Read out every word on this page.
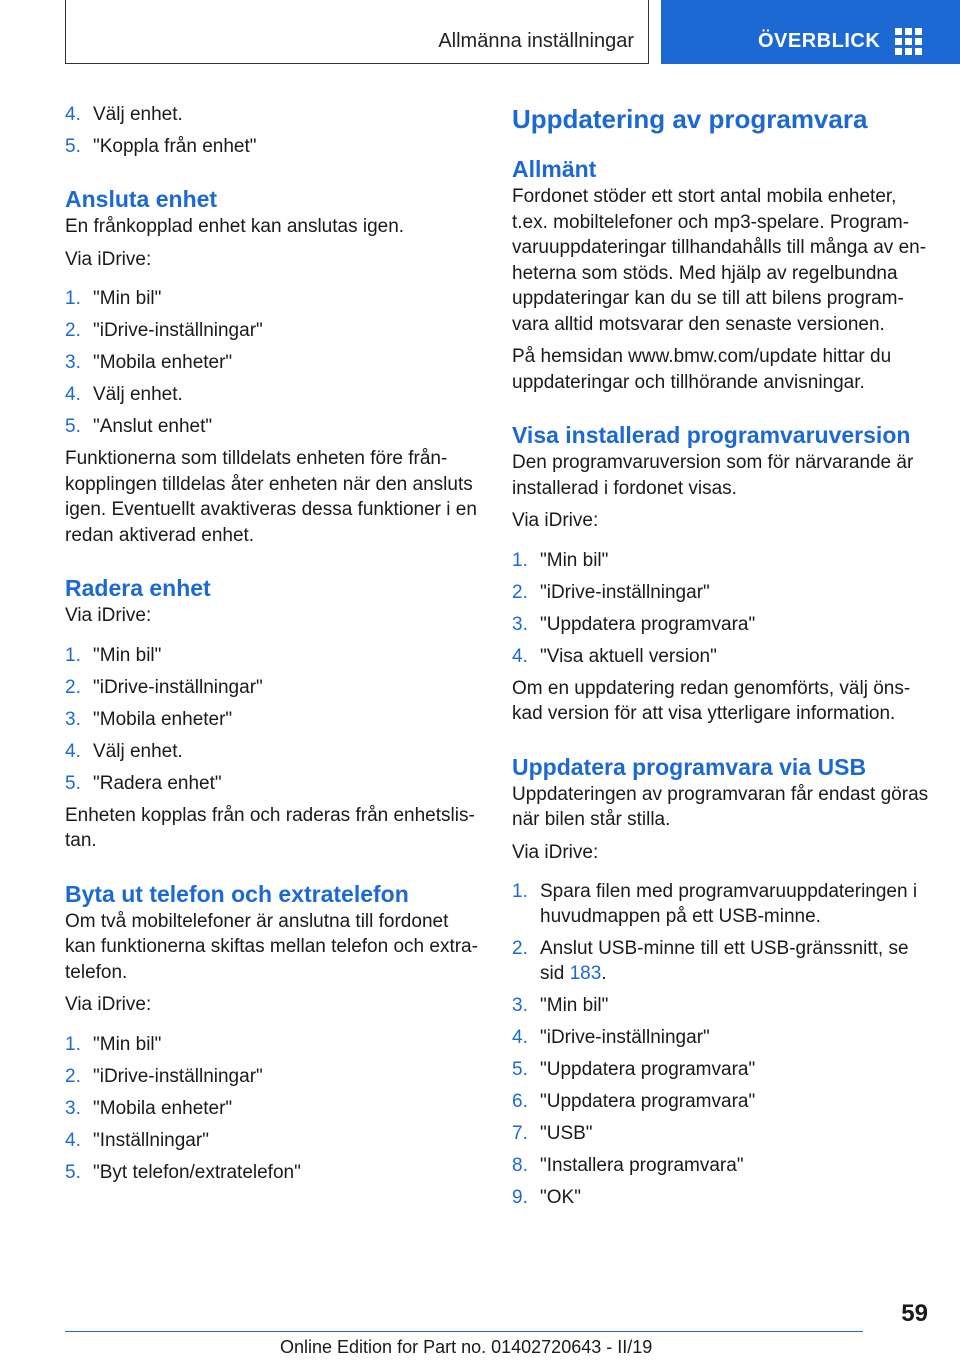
Allmänna inställningar	ÖVERBLICK
4. Välj enhet.
5. "Koppla från enhet"
Ansluta enhet

En frånkopplad enhet kan anslutas igen.

Via iDrive:

1. "Min bil"
2. "iDrive-inställningar"
3. "Mobila enheter"
4. Välj enhet.
5. "Anslut enhet"

Funktionerna som tilldelats enheten före frånkopplingen tilldelas åter enheten när den ansluts igen. Eventuellt avaktiveras dessa funktioner i en redan aktiverad enhet.

Radera enhet

Via iDrive:

1. "Min bil"
2. "iDrive-inställningar"
3. "Mobila enheter"
4. Välj enhet.
5. "Radera enhet"

Enheten kopplas från och raderas från enhetslistan.

Byta ut telefon och extratelefon

Om två mobiltelefoner är anslutna till fordonet kan funktionerna skiftas mellan telefon och extratelefon.

Via iDrive:

1. "Min bil"
2. "iDrive-inställningar"
3. "Mobila enheter"
4. "Inställningar"
5. "Byt telefon/extratelefon"
Uppdatering av programvara
Allmänt

Fordonet stöder ett stort antal mobila enheter, t.ex. mobiltelefoner och mp3-spelare. Programvaruuppdateringar tillhandahålls till många av enheterna som stöds. Med hjälp av regelbundna uppdateringar kan du se till att bilens programvara alltid motsvarar den senaste versionen.

På hemsidan www.bmw.com/update hittar du uppdateringar och tillhörande anvisningar.

Visa installerad programvaruversion

Den programvaruversion som för närvarande är installerad i fordonet visas.

Via iDrive:

1. "Min bil"
2. "iDrive-inställningar"
3. "Uppdatera programvara"
4. "Visa aktuell version"

Om en uppdatering redan genomförts, välj önskad version för att visa ytterligare information.

Uppdatera programvara via USB

Uppdateringen av programvaran får endast göras när bilen står stilla.

Via iDrive:

1. Spara filen med programvaruuppdateringen i huvudmappen på ett USB-minne.
2. Anslut USB-minne till ett USB-gränssnitt, se sid 183.
3. "Min bil"
4. "iDrive-inställningar"
5. "Uppdatera programvara"
6. "Uppdatera programvara"
7. "USB"
8. "Installera programvara"
9. "OK"
59
Online Edition for Part no. 01402720643 - II/19
